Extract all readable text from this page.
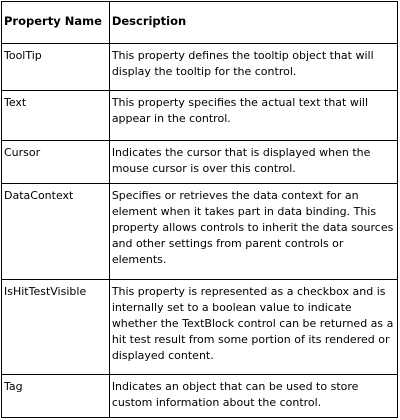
Property Name	Description
ToolTip	This property defines the tooltip object that will display the tooltip for the control.
Text	This property specifies the actual text that will appear in the control.
Cursor	Indicates the cursor that is displayed when the mouse cursor is over this control.
DataContext	Specifies or retrieves the data context for an element when it takes part in data binding. This property allows controls to inherit the data sources and other settings from parent controls or elements.
IsHitTestVisible	This property is represented as a checkbox and is internally set to a boolean value to indicate whether the TextBlock control can be returned as a hit test result from some portion of its rendered or displayed content.
Tag	Indicates an object that can be used to store custom information about the control.
